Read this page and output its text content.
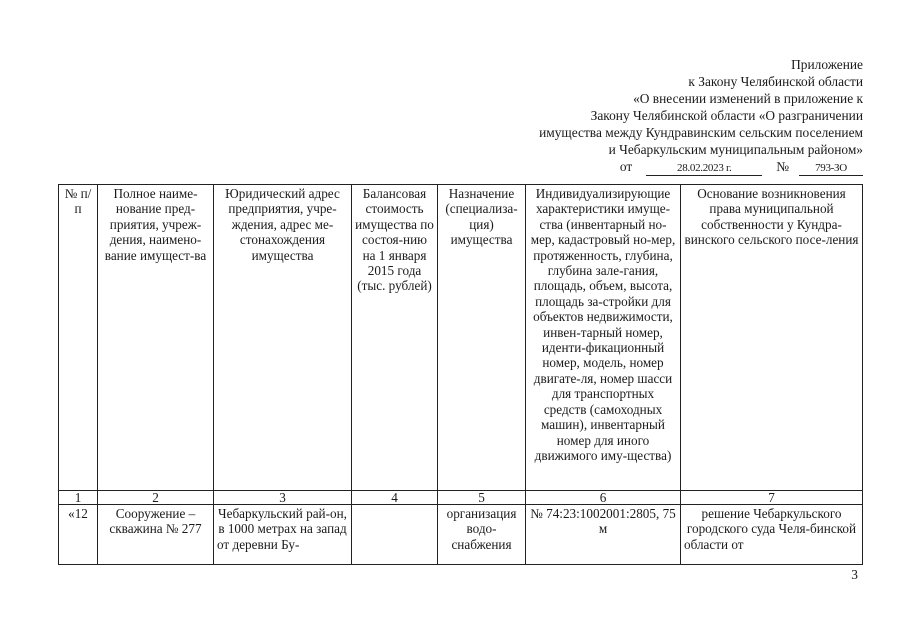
Приложение
к Закону Челябинской области
«О внесении изменений в приложение к
Закону Челябинской области «О разграничении
имущества между Кундравинским сельским поселением
и Чебаркульским муниципальным районом»
от	28.02.2023 г.	№	793-ЗО
№ п/п	Полное наиме-нование пред-приятия, учреж-дения, наимено-вание имущест-ва	Юридический адрес предприятия, учре-ждения, адрес ме-стонахождения имущества	Балансовая стоимость имущества по состоя-нию на 1 января 2015 года (тыс. рублей)	Назначение (специализа-ция) имущества	Индивидуализирующие характеристики имуще-ства (инвентарный но-мер, кадастровый но-мер, протяженность, глубина, глубина зале-гания, площадь, объем, высота, площадь за-стройки для объектов недвижимости, инвен-тарный номер, иденти-фикационный номер, модель, номер двигате-ля, номер шасси для транспортных средств (самоходных машин), инвентарный номер для иного движимого иму-щества)	Основание возникновения права муниципальной собственности у Кундра-винского сельского посе-ления
1	2	3	4	5	6	7
«12	Сооружение – скважина № 277	Чебаркульский рай-он, в 1000 метрах на запад от деревни Бу-		организация водо-снабжения	№ 74:23:1002001:2805, 75 м	решение Чебаркульского городского суда Челя-бинской области от
3
